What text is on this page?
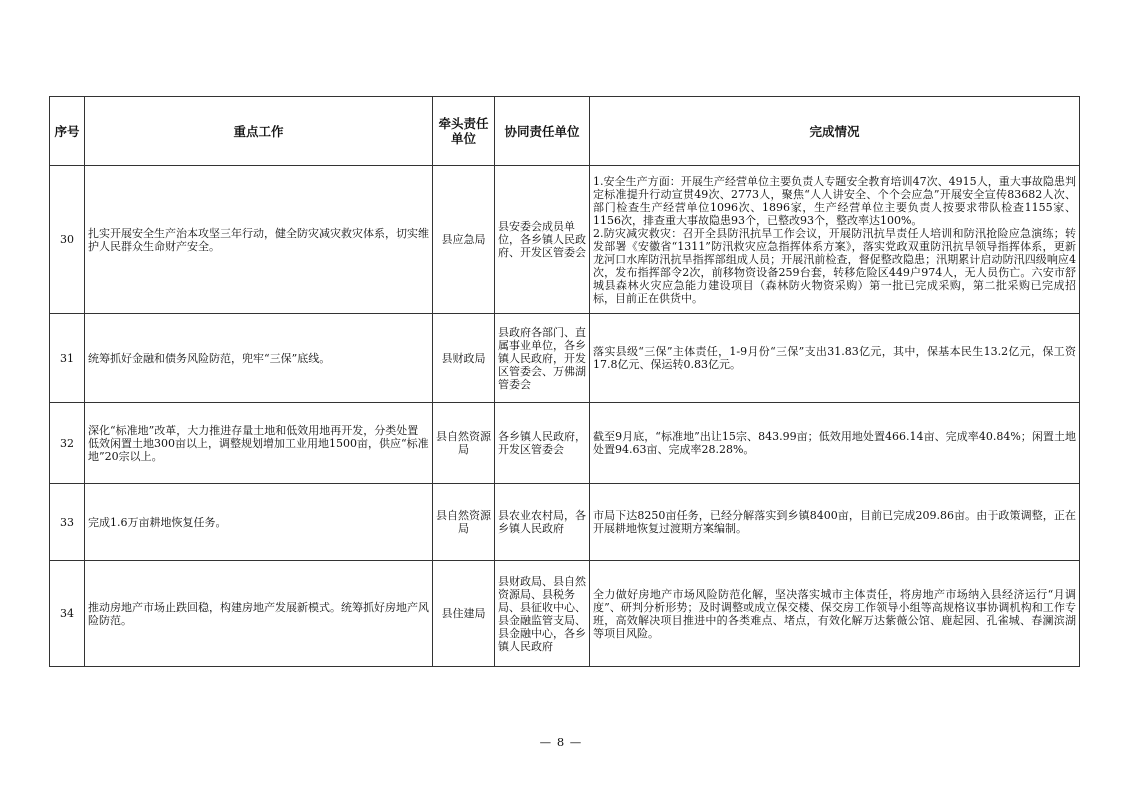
序号	重点工作	牵头责任单位	协同责任单位	完成情况
30	扎实开展安全生产治本攻坚三年行动，健全防灾减灾救灾体系，切实维护人民群众生命财产安全。	县应急局	县安委会成员单位，各乡镇人民政府、开发区管委会	1.安全生产方面：开展生产经营单位主要负责人专题安全教育培训47次、4915人，重大事故隐患判定标准提升行动宣贯49次、2773人，聚焦“人人讲安全、个个会应急”开展安全宣传83682人次、部门检查生产经营单位1096次、1896家，生产经营单位主要负责人按要求带队检查1155家、1156次，排查重大事故隐患93个，已整改93个，整改率达100%。
2.防灾减灾救灾：召开全县防汛抗旱工作会议，开展防汛抗旱责任人培训和防汛抢险应急演练；转发部署《安徽省“1311”防汛救灾应急指挥体系方案》，落实党政双重防汛抗旱领导指挥体系，更新龙河口水库防汛抗旱指挥部组成人员；开展汛前检查，督促整改隐患；汛期累计启动防汛四级响应4次，发布指挥部令2次，前移物资设备259台套，转移危险区449户974人，无人员伤亡。六安市舒城县森林火灾应急能力建设项目（森林防火物资采购）第一批已完成采购，第二批采购已完成招标，目前正在供货中。
31	统筹抓好金融和债务风险防范，兜牢“三保”底线。	县财政局	县政府各部门、直属事业单位，各乡镇人民政府，开发区管委会、万佛湖管委会	落实县级“三保”主体责任，1-9月份“三保”支出31.83亿元，其中，保基本民生13.2亿元，保工资17.8亿元、保运转0.83亿元。
32	深化“标准地”改革，大力推进存量土地和低效用地再开发，分类处置低效闲置土地300亩以上，调整规划增加工业用地1500亩，供应“标准地”20宗以上。	县自然资源局	各乡镇人民政府，开发区管委会	截至9月底，“标准地”出让15宗、843.99亩；低效用地处置466.14亩、完成率40.84%；闲置土地处置94.63亩、完成率28.28%。
33	完成1.6万亩耕地恢复任务。	县自然资源局	县农业农村局，各乡镇人民政府	市局下达8250亩任务，已经分解落实到乡镇8400亩，目前已完成209.86亩。由于政策调整，正在开展耕地恢复过渡期方案编制。
34	推动房地产市场止跌回稳，构建房地产发展新模式。统筹抓好房地产风险防范。	县住建局	县财政局、县自然资源局、县税务局、县征收中心、县金融监管支局、县金融中心，各乡镇人民政府	全力做好房地产市场风险防范化解，坚决落实城市主体责任，将房地产市场纳入县经济运行“月调度”、研判分析形势；及时调整或成立保交楼、保交房工作领导小组等高规格议事协调机构和工作专班，高效解决项目推进中的各类难点、堵点，有效化解万达紫薇公馆、鹿起园、孔雀城、春澜滨湖等项目风险。
— 8 —
